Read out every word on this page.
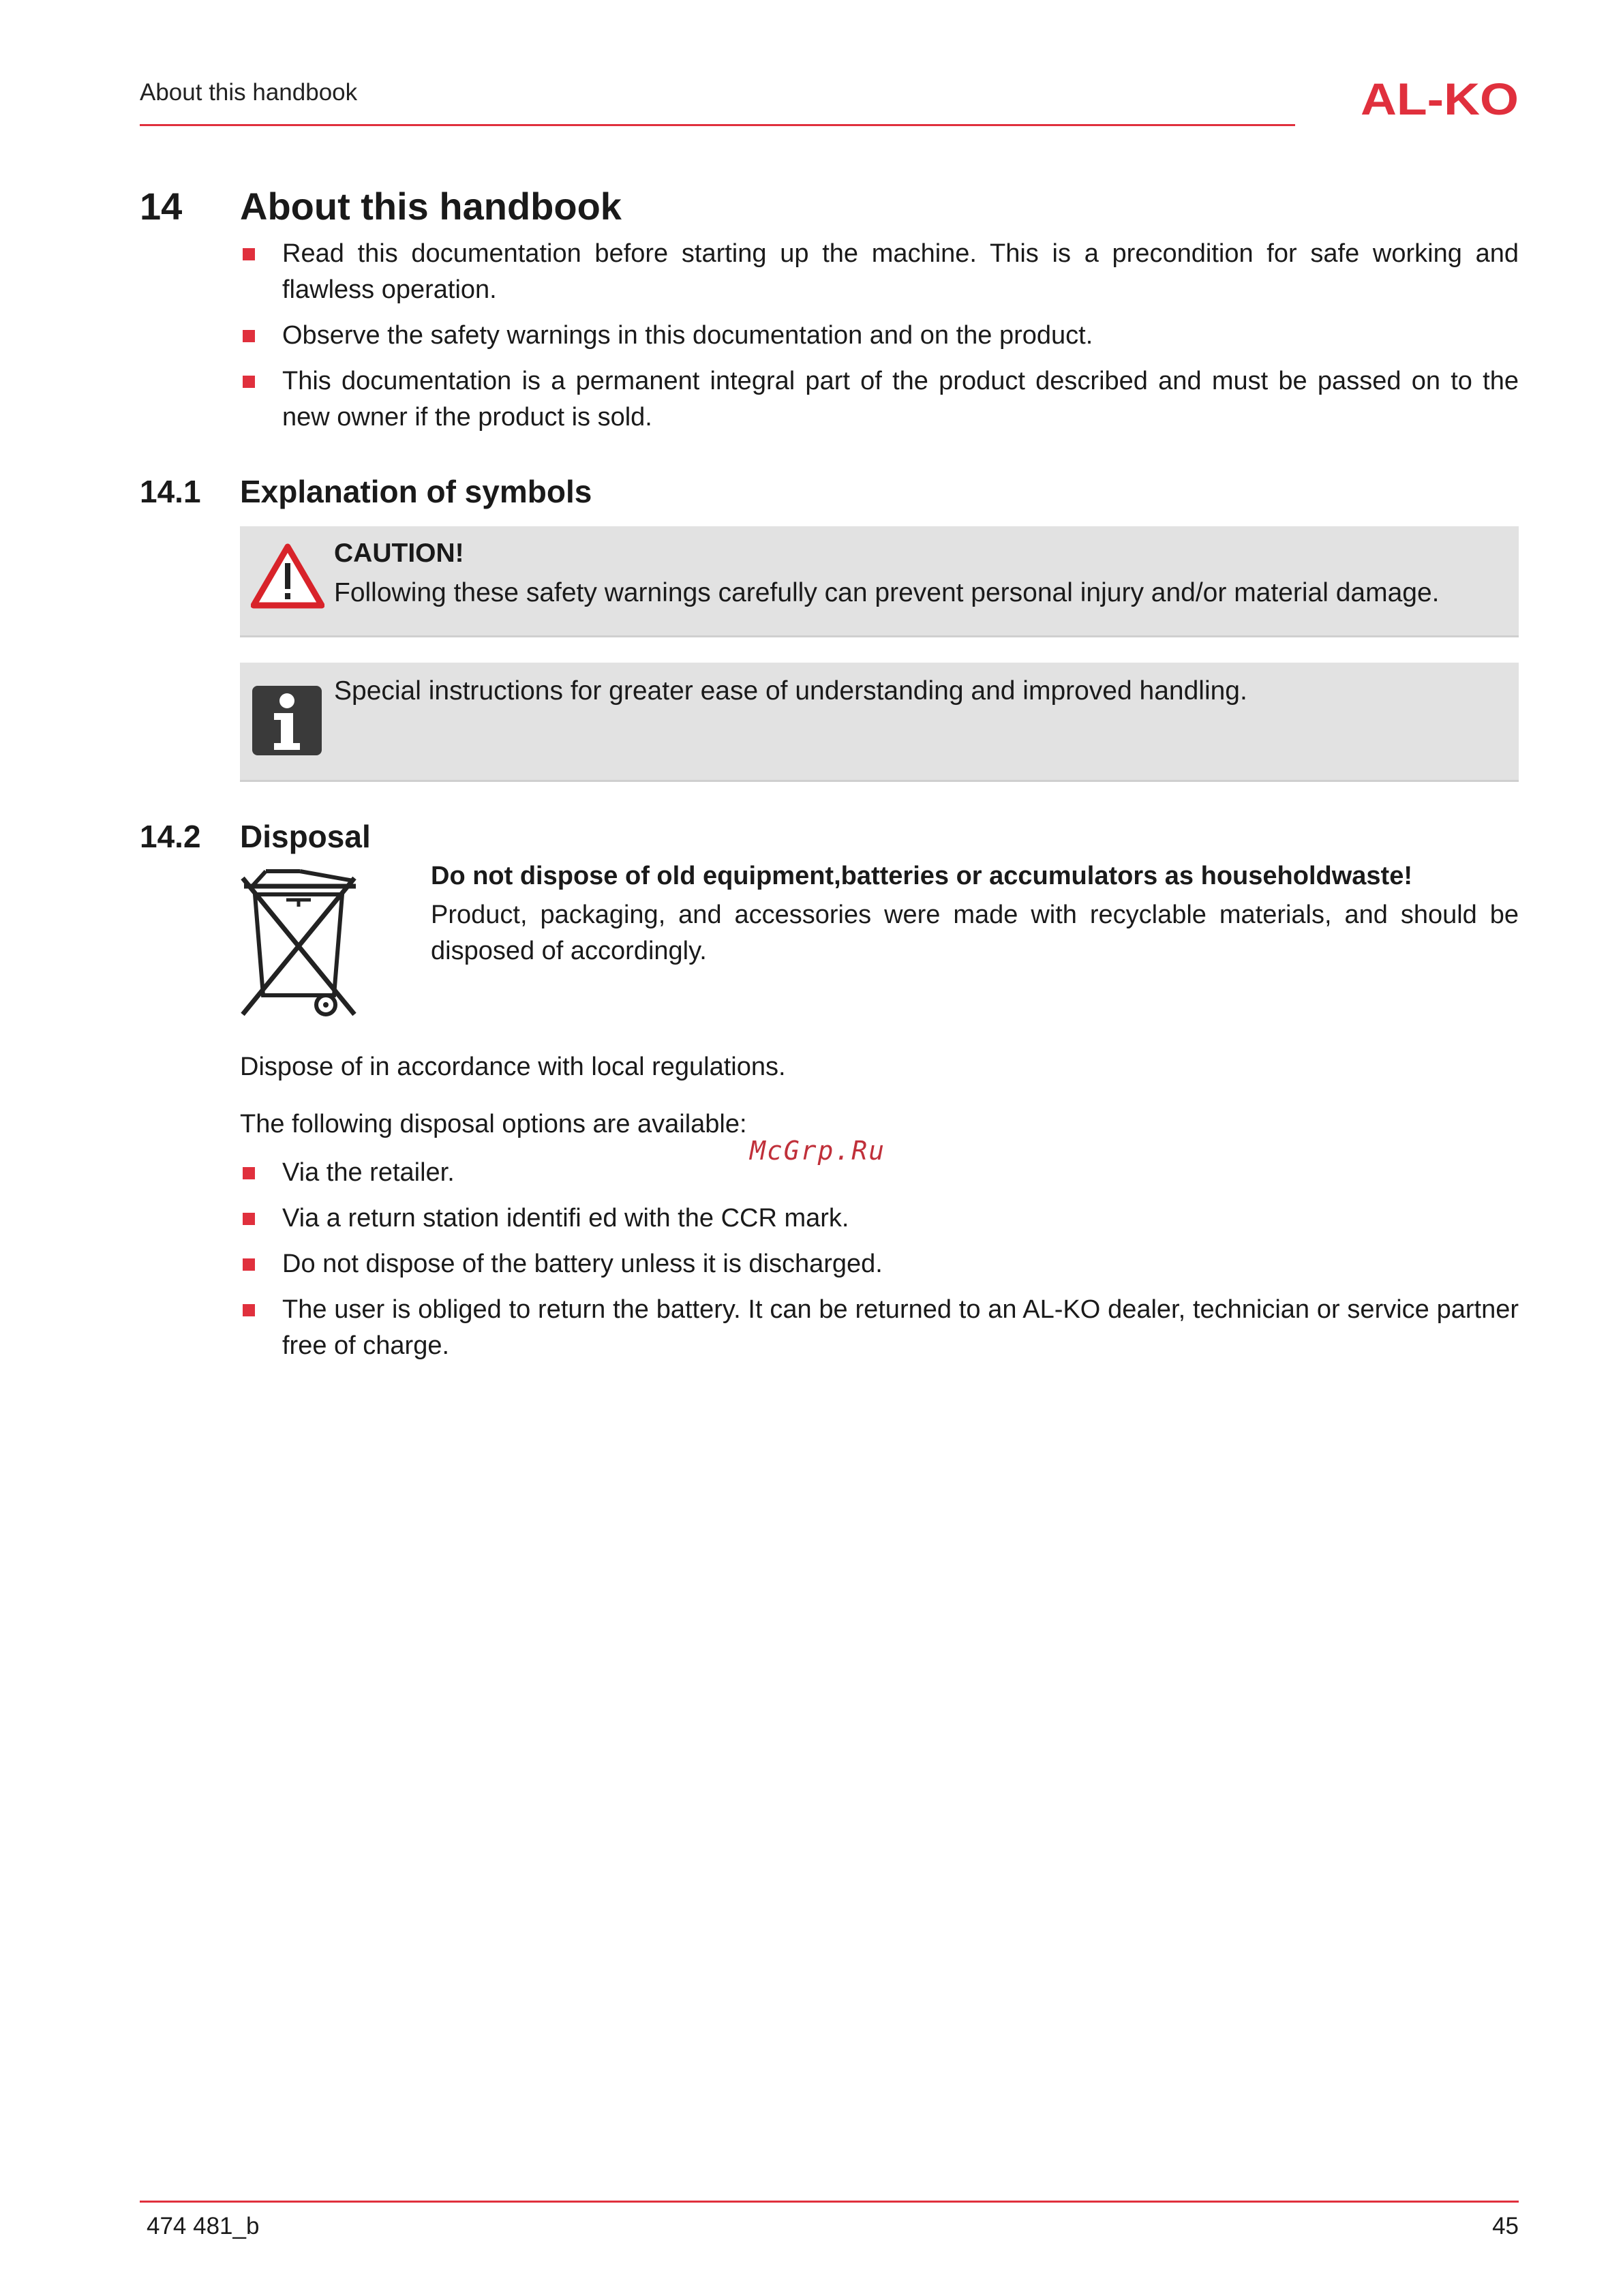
About this handbook	AL-KO
14 About this handbook
Read this documentation before starting up the machine. This is a precondition for safe working and flawless operation.
Observe the safety warnings in this documentation and on the product.
This documentation is a permanent integral part of the product described and must be passed on to the new owner if the product is sold.
14.1 Explanation of symbols
CAUTION!
Following these safety warnings carefully can prevent personal injury and/or material damage.
Special instructions for greater ease of understanding and improved handling.
14.2 Disposal
Do not dispose of old equipment,batteries or accumulators as householdwaste!
Product, packaging, and accessories were made with recyclable materials, and should be disposed of accordingly.
Dispose of in accordance with local regulations.
The following disposal options are available:
McGrp.Ru
Via the retailer.
Via a return station identifi ed with the CCR mark.
Do not dispose of the battery unless it is discharged.
The user is obliged to return the battery. It can be returned to an AL-KO dealer, technician or service partner free of charge.
474 481_b	45
